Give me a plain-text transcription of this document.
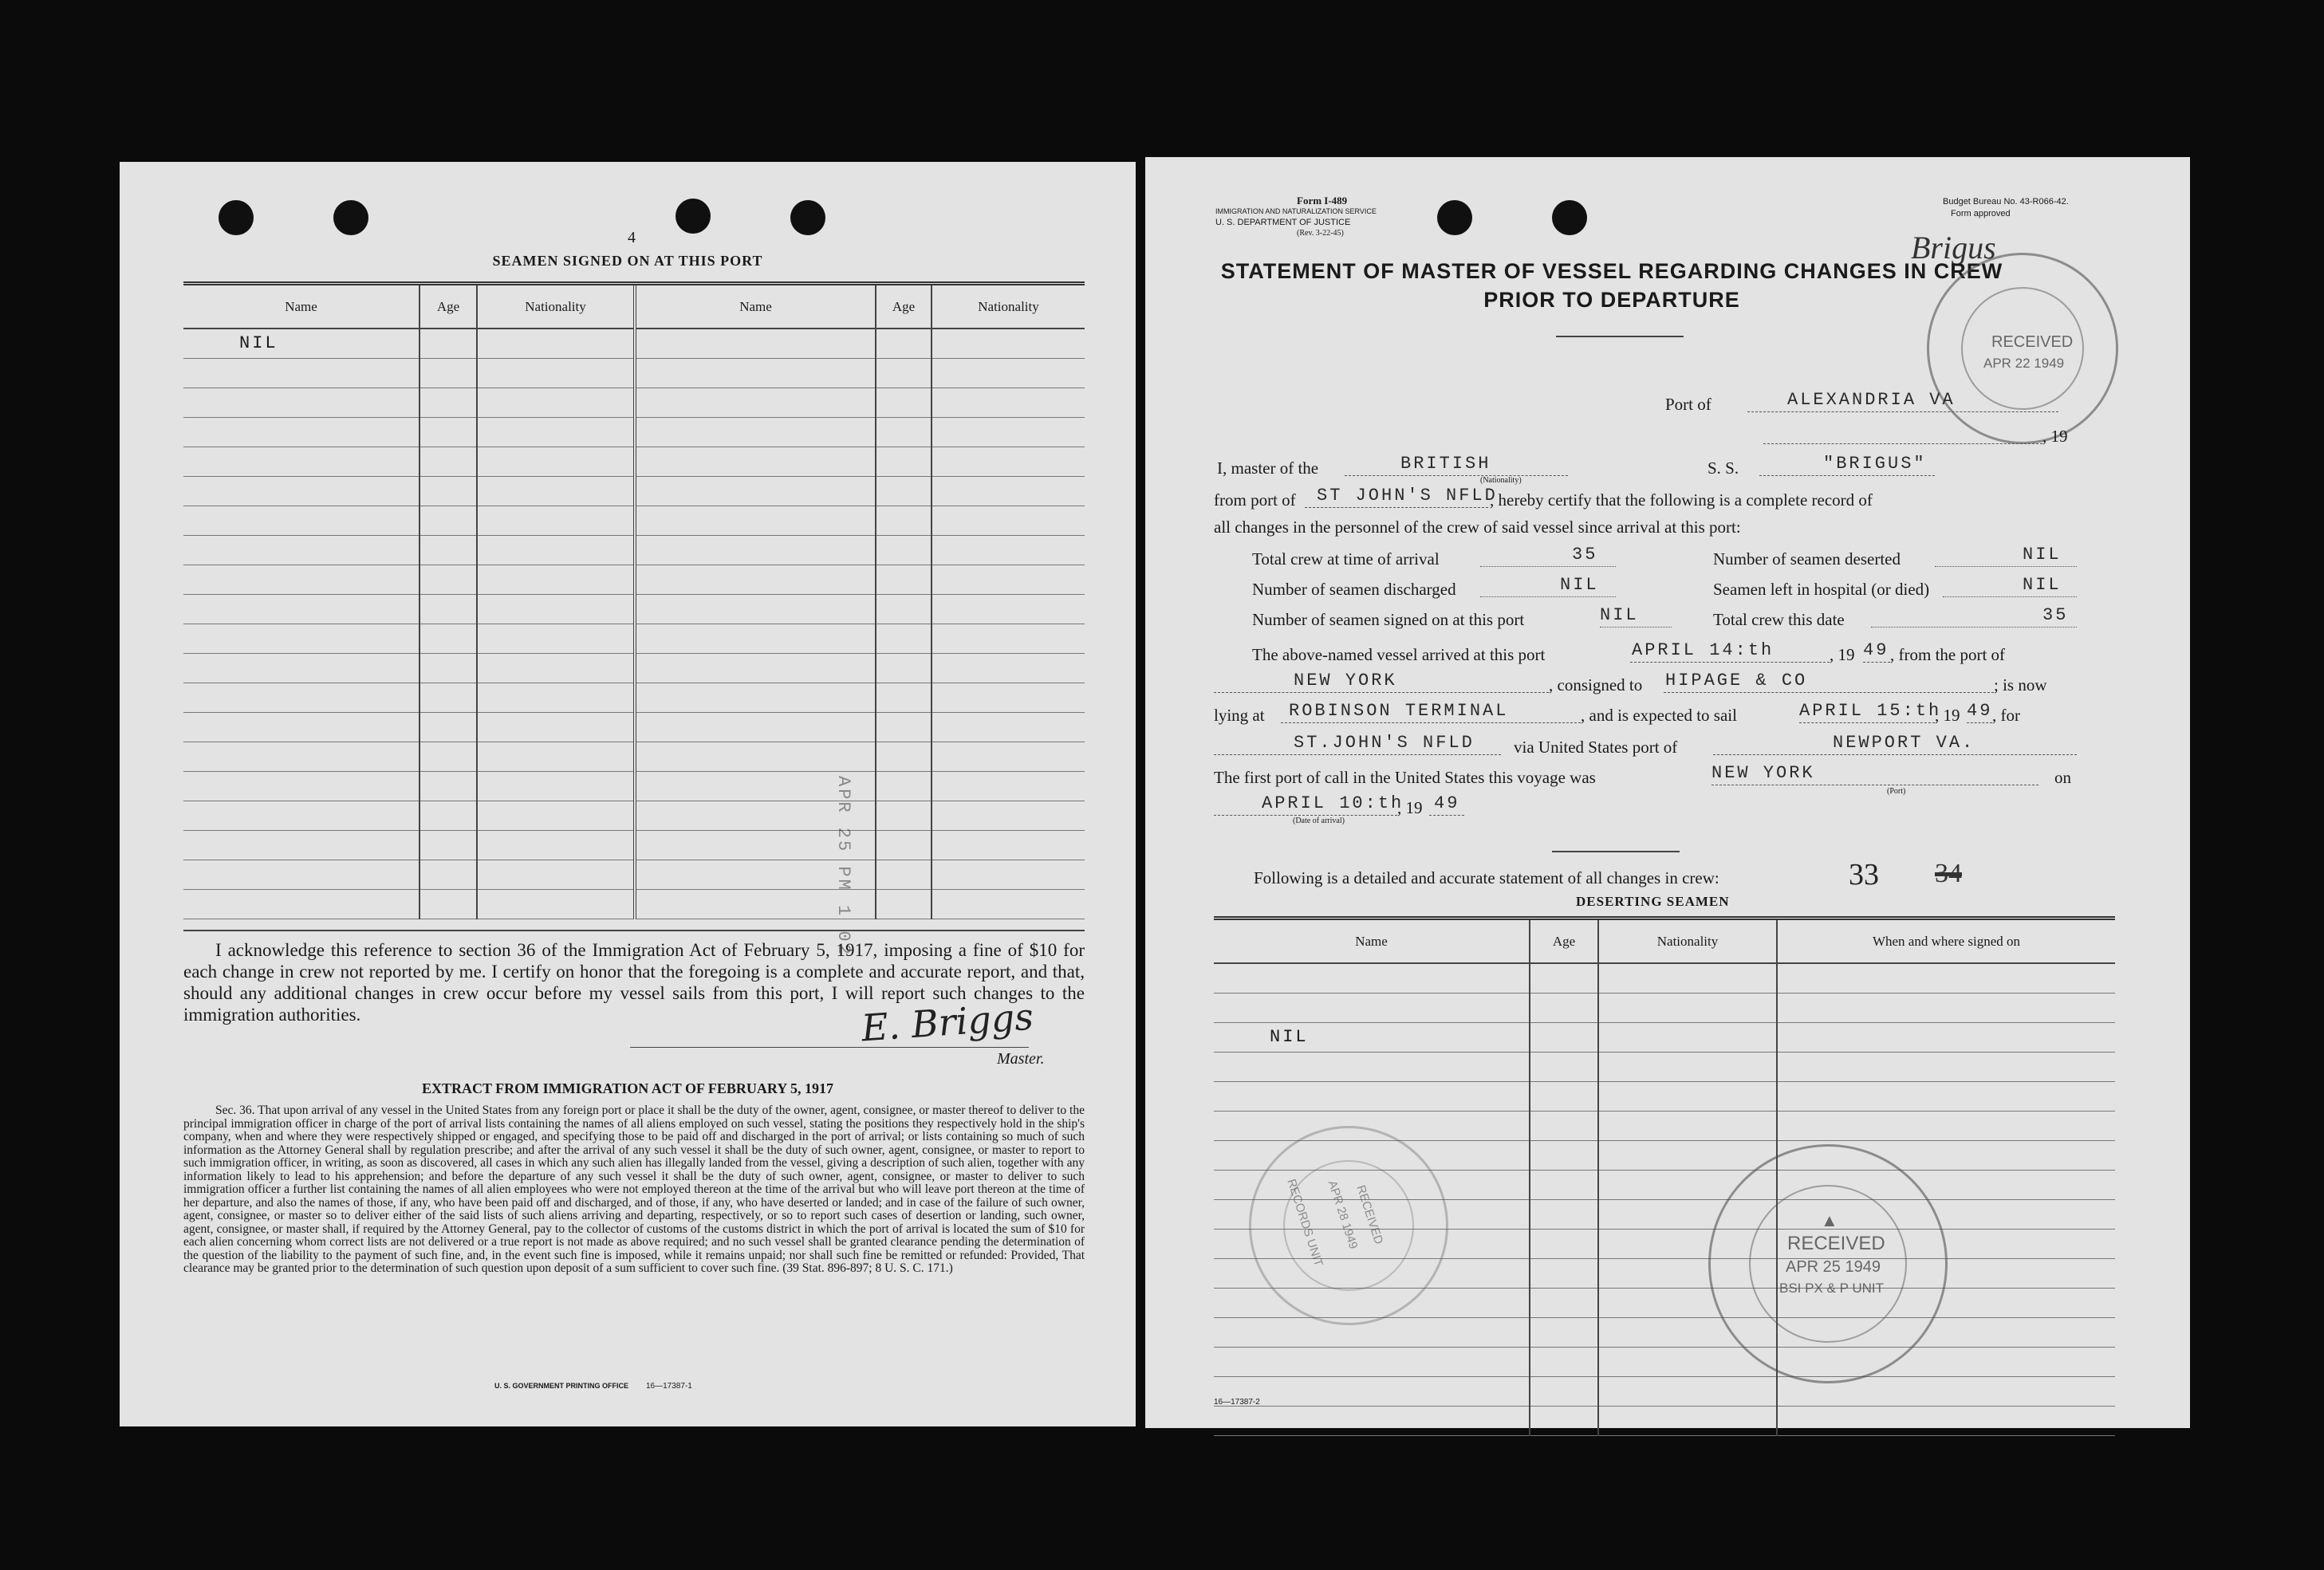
4
SEAMEN SIGNED ON AT THIS PORT
Name	Age	Nationality	Name	Age	Nationality
NIL					

APR 25 PM 1 02
I acknowledge this reference to section 36 of the Immigration Act of February 5, 1917, imposing a fine of $10 for each change in crew not reported by me. I certify on honor that the foregoing is a complete and accurate report, and that, should any additional changes in crew occur before my vessel sails from this port, I will report such changes to the immigration authorities.	E. Briggs
Master.
EXTRACT FROM IMMIGRATION ACT OF FEBRUARY 5, 1917
Sec. 36. That upon arrival of any vessel in the United States from any foreign port or place it shall be the duty of the owner, agent, consignee, or master thereof to deliver to the principal immigration officer in charge of the port of arrival lists containing the names of all aliens employed on such vessel, stating the positions they respectively hold in the ship's company, when and where they were respectively shipped or engaged, and specifying those to be paid off and discharged in the port of arrival; or lists containing so much of such information as the Attorney General shall by regulation prescribe; and after the arrival of any such vessel it shall be the duty of such owner, agent, consignee, or master to report to such immigration officer, in writing, as soon as discovered, all cases in which any such alien has illegally landed from the vessel, giving a description of such alien, together with any information likely to lead to his apprehension; and before the departure of any such vessel it shall be the duty of such owner, agent, consignee, or master to deliver to such immigration officer a further list containing the names of all alien employees who were not employed thereon at the time of the arrival but who will leave port thereon at the time of her departure, and also the names of those, if any, who have been paid off and discharged, and of those, if any, who have deserted or landed; and in case of the failure of such owner, agent, consignee, or master so to deliver either of the said lists of such aliens arriving and departing, respectively, or so to report such cases of desertion or landing, such owner, agent, consignee, or master shall, if required by the Attorney General, pay to the collector of customs of the customs district in which the port of arrival is located the sum of $10 for each alien concerning whom correct lists are not delivered or a true report is not made as above required; and no such vessel shall be granted clearance pending the determination of the question of the liability to the payment of such fine, and, in the event such fine is imposed, while it remains unpaid; nor shall such fine be remitted or refunded: Provided, That clearance may be granted prior to the determination of such question upon deposit of a sum sufficient to cover such fine. (39 Stat. 896-897; 8 U. S. C. 171.)
U. S. GOVERNMENT PRINTING OFFICE 16—17387-1
Form I-489
IMMIGRATION AND NATURALIZATION SERVICE
U. S. DEPARTMENT OF JUSTICE
(Rev. 3-22-45)
Budget Bureau No. 43-R066-42.
Form approved
Brigus
STATEMENT OF MASTER OF VESSEL REGARDING CHANGES IN CREW
PRIOR TO DEPARTURE
RECEIVED
APR 22 1949
Port of	ALEXANDRIA VA
, 19
I, master of the	BRITISH
(Nationality)
S. S.	"BRIGUS"
from port of ST JOHN'S NFLD
, hereby certify that the following is a complete record of
all changes in the personnel of the crew of said vessel since arrival at this port:
Total crew at time of arrival	35	Number of seamen deserted	NIL
Number of seamen discharged	NIL	Seamen left in hospital (or died)	NIL
Number of seamen signed on at this port	NIL	Total crew this date	35
The above-named vessel arrived at this port	APRIL 14:th	, 19 49 , from the port of
NEW YORK	, consigned to HIPAGE & CO	; is now
lying at ROBINSON TERMINAL	, and is expected to sail	APRIL 15:th
, 19 49 , for
ST.JOHN'S NFLD via United States port of	NEWPORT VA.
The first port of call in the United States this voyage was	NEW YORK
(Port)
on
APRIL 10:th
(Date of arrival)
, 19 49
Following is a detailed and accurate statement of all changes in crew:	33 34
DESERTING SEAMEN
Name	Age	Nationality	When and where signed on

NIL			

RECORDS UNIT RECEIVED
APR 28 1949	▲
RECEIVED
APR 25 1949
BSI PX & P UNIT
16—17387-2
